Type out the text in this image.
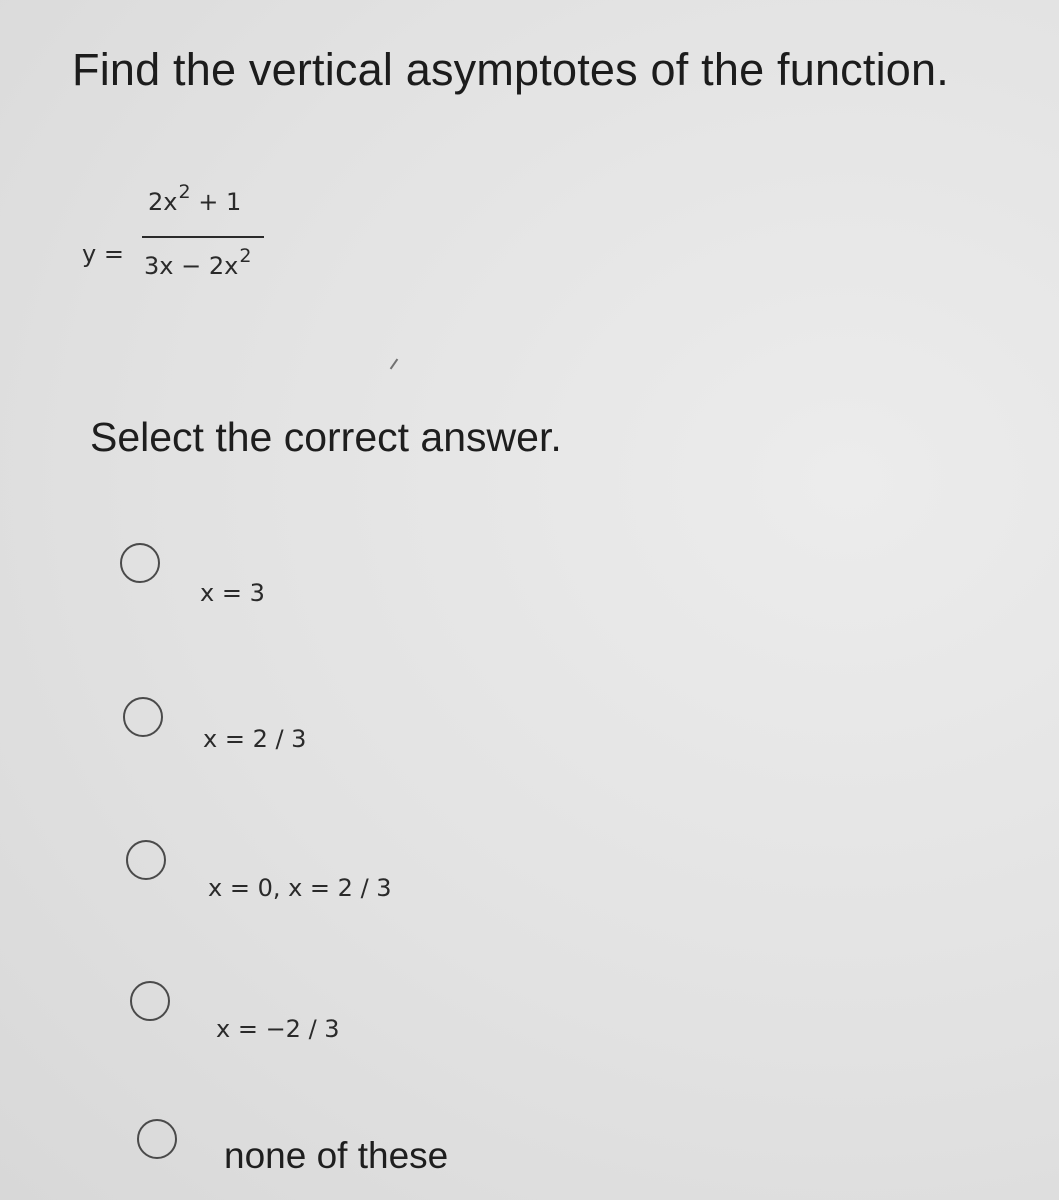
Find the vertical asymptotes of the function.
y =
$2x^2 + 1$
$3x - 2x^2$
Select the correct answer.
x = 3
x = 2 / 3
x = 0, x = 2 / 3
x = −2 / 3
none of these
